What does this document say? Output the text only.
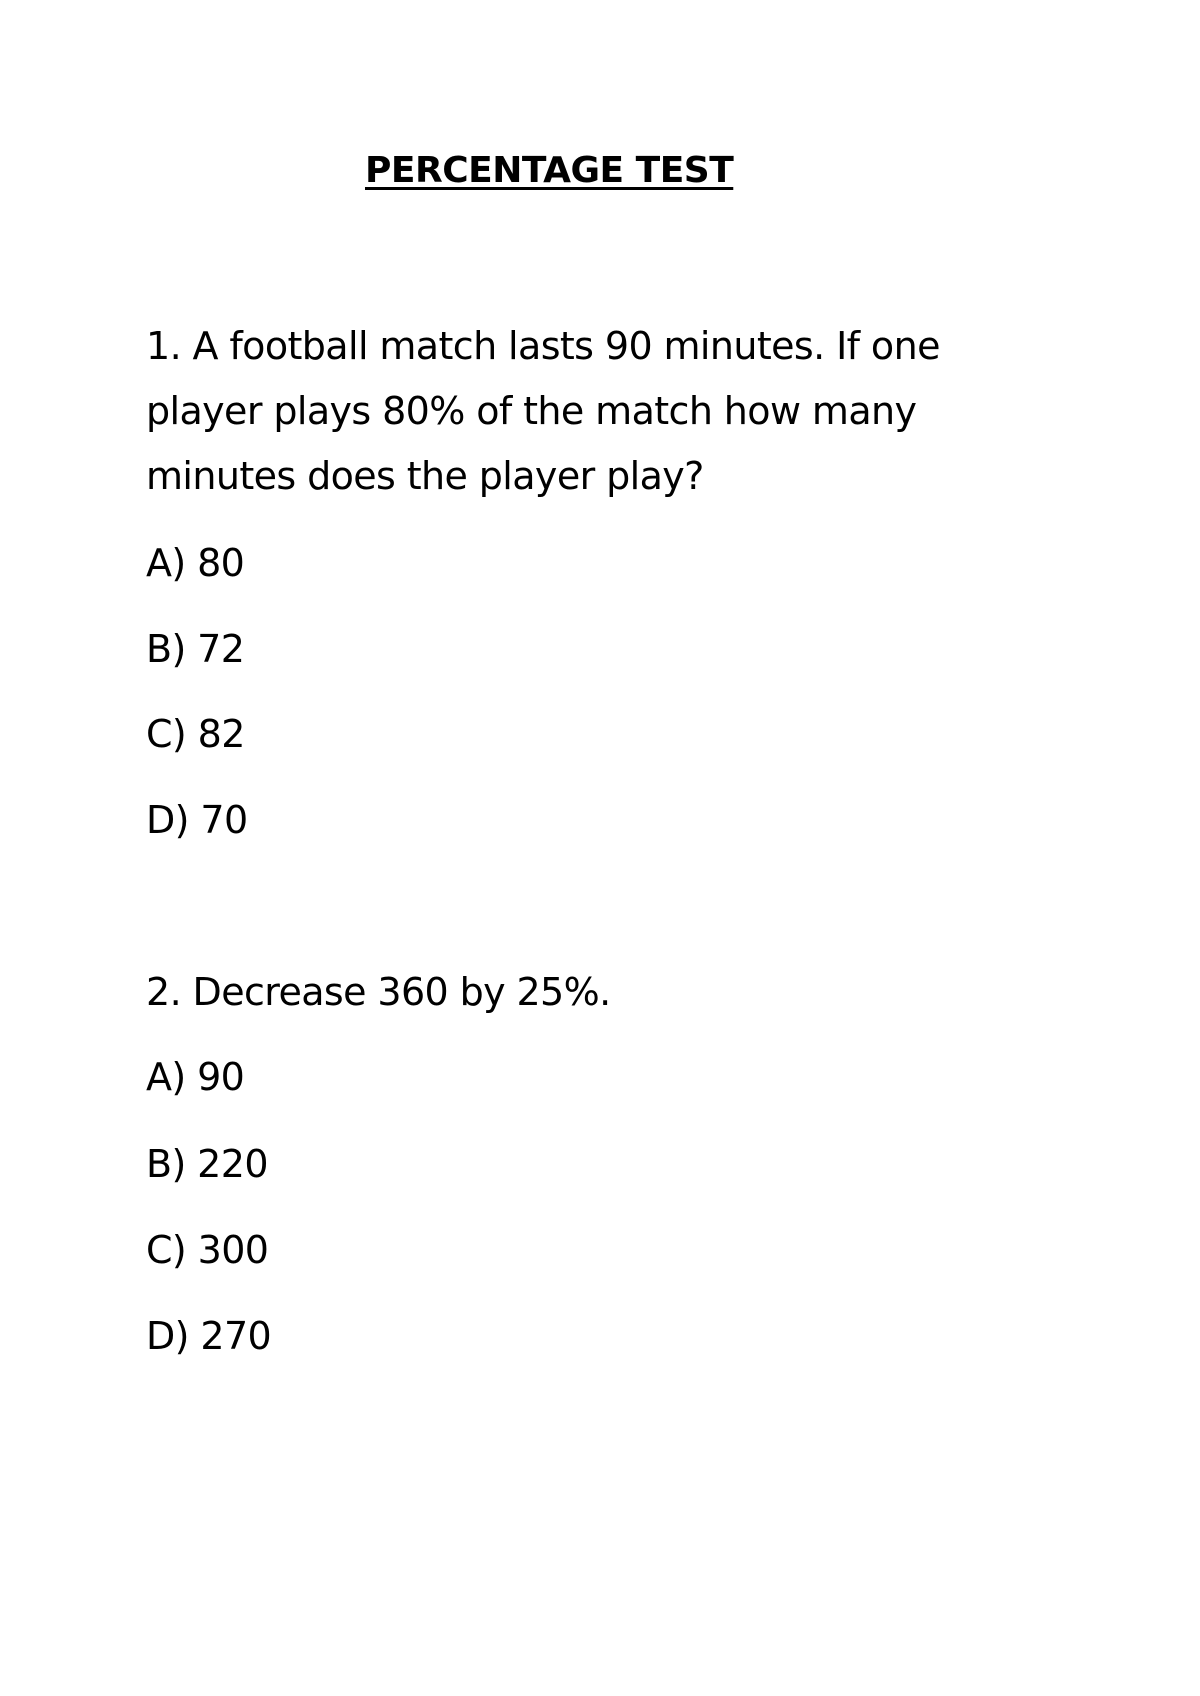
PERCENTAGE TEST
1. A football match lasts 90 minutes. If one
player plays 80% of the match how many
minutes does the player play?
A) 80
B) 72
C) 82
D) 70
2. Decrease 360 by 25%.
A) 90
B) 220
C) 300
D) 270
